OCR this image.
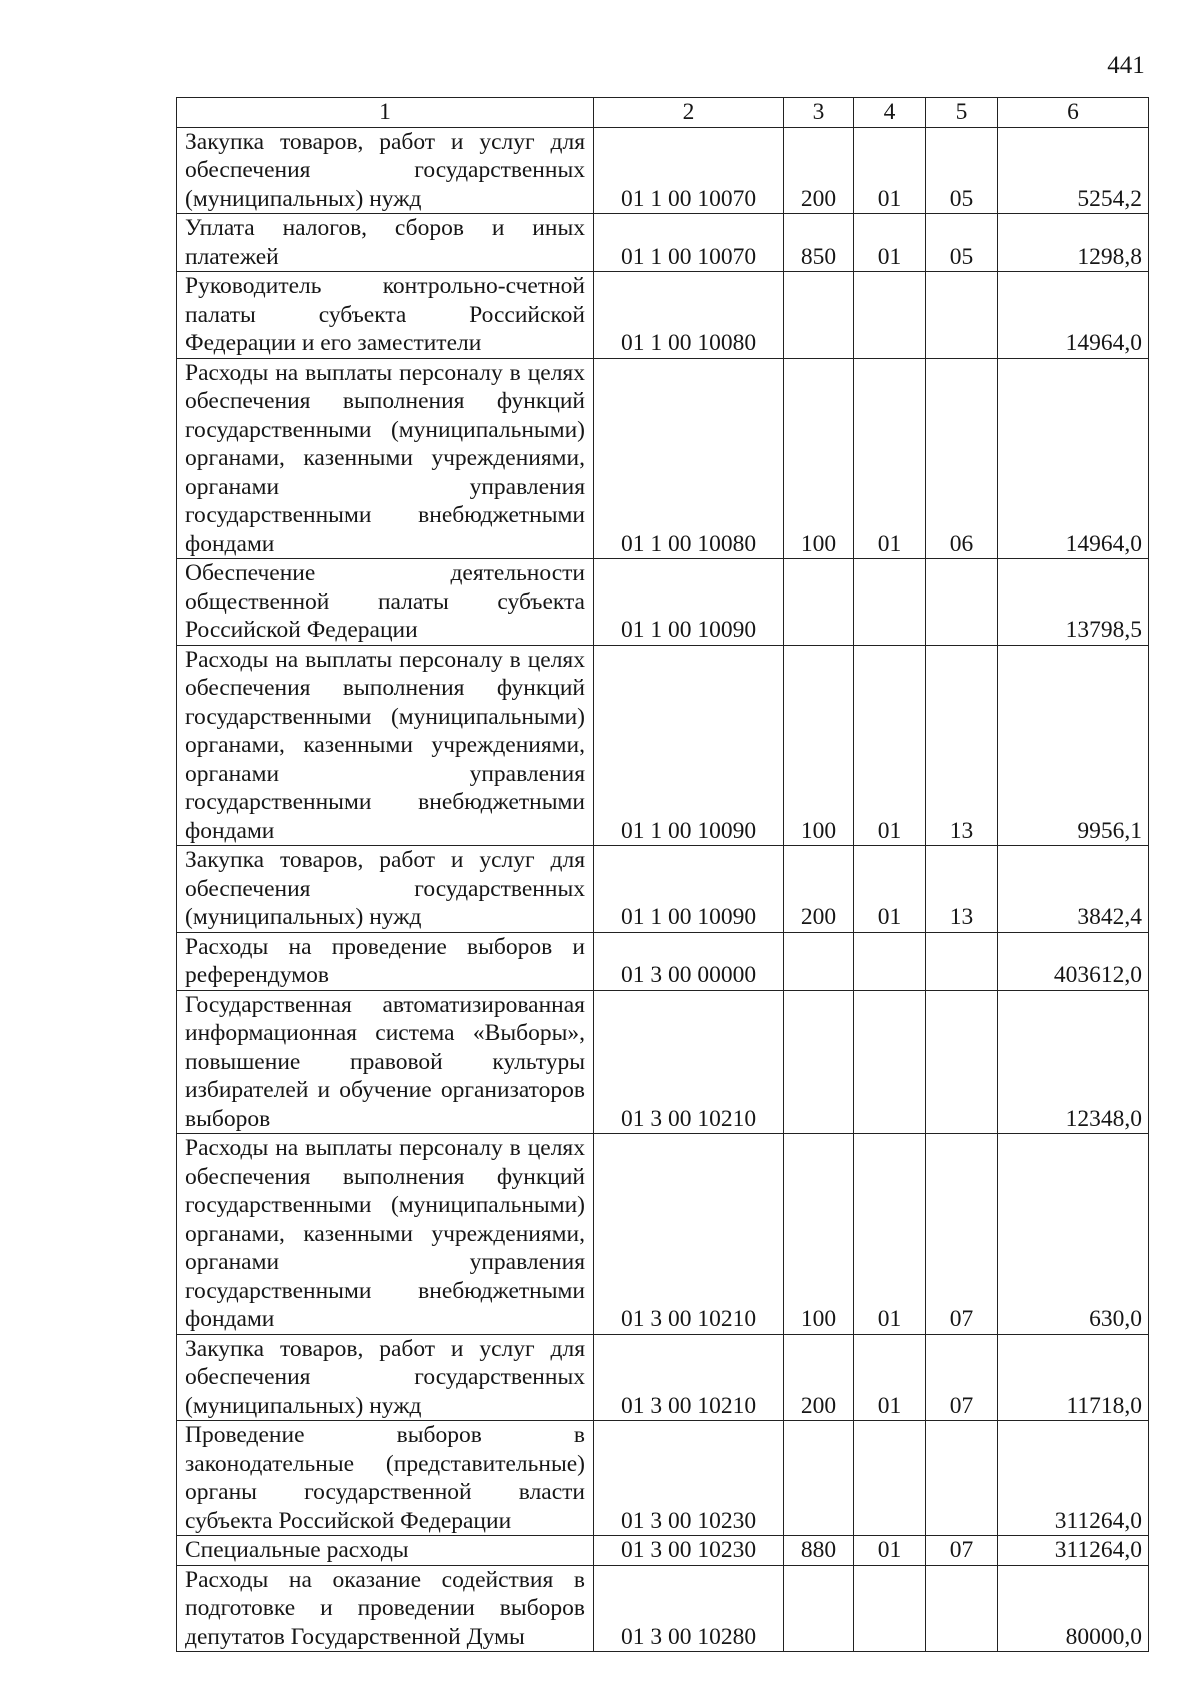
441
1	2	3	4	5	6
Закупка товаров, работ и услуг для обеспечения государственных (муниципальных) нужд	01 1 00 10070	200	01	05	5254,2
Уплата налогов, сборов и иных платежей	01 1 00 10070	850	01	05	1298,8
Руководитель контрольно-счетной палаты субъекта Российской Федерации и его заместители	01 1 00 10080				14964,0
Расходы на выплаты персоналу в целях обеспечения выполнения функций государственными (муниципальными) органами, казенными учреждениями, органами управления государственными внебюджетными фондами	01 1 00 10080	100	01	06	14964,0
Обеспечение деятельности общественной палаты субъекта Российской Федерации	01 1 00 10090				13798,5
Расходы на выплаты персоналу в целях обеспечения выполнения функций государственными (муниципальными) органами, казенными учреждениями, органами управления государственными внебюджетными фондами	01 1 00 10090	100	01	13	9956,1
Закупка товаров, работ и услуг для обеспечения государственных (муниципальных) нужд	01 1 00 10090	200	01	13	3842,4
Расходы на проведение выборов и референдумов	01 3 00 00000				403612,0
Государственная автоматизированная информационная система «Выборы», повышение правовой культуры избирателей и обучение организаторов выборов	01 3 00 10210				12348,0
Расходы на выплаты персоналу в целях обеспечения выполнения функций государственными (муниципальными) органами, казенными учреждениями, органами управления государственными внебюджетными фондами	01 3 00 10210	100	01	07	630,0
Закупка товаров, работ и услуг для обеспечения государственных (муниципальных) нужд	01 3 00 10210	200	01	07	11718,0
Проведение выборов в законодательные (представительные) органы государственной власти субъекта Российской Федерации	01 3 00 10230				311264,0
Специальные расходы	01 3 00 10230	880	01	07	311264,0
Расходы на оказание содействия в подготовке и проведении выборов депутатов Государственной Думы	01 3 00 10280				80000,0
